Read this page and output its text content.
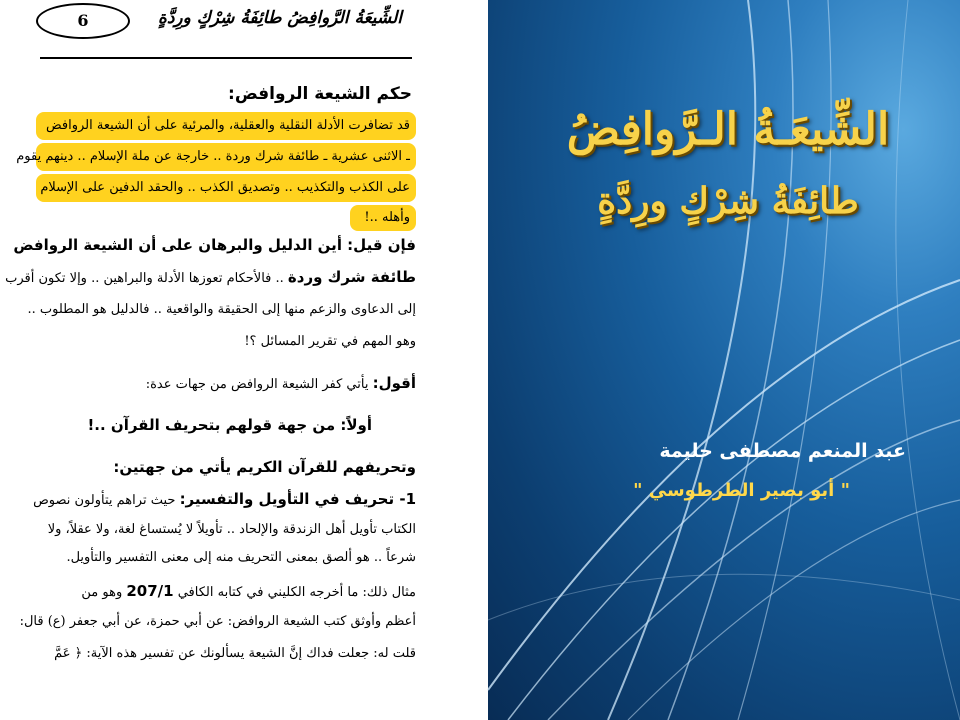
6	الشِّيعَةُ الرَّوافِضُ طائِفَةُ شِرْكٍ ورِدَّةٍ
حكم الشيعة الروافض:
قد تضافرت الأدلة النقلية والعقلية، والمرئية على أن الشيعة الروافض
ـ الاثنى عشرية ـ طائفة شرك وردة .. خارجة عن ملة الإسلام .. دينهم يقوم
على الكذب والتكذيب .. وتصديق الكذب .. والحقد الدفين على الإسلام
وأهله ..!
فإن قيل: أين الدليل والبرهان على أن الشيعة الروافض
طائفة شرك وردة .. فالأحكام تعوزها الأدلة والبراهين .. وإلا تكون أقرب
إلى الدعاوى والزعم منها إلى الحقيقة والواقعية .. فالدليل هو المطلوب ..
وهو المهم في تقرير المسائل ؟!
أقول: يأتي كفر الشيعة الروافض من جهات عدة:
أولاً: من جهة قولهم بتحريف القرآن ..!
وتحريفهم للقرآن الكريم يأتي من جهتين:
1- تحريف في التأويل والتفسير: حيث تراهم يتأولون نصوص
الكتاب تأويل أهل الزندقة والإلحاد .. تأويلاً لا يُستساغ لغة، ولا عقلاً، ولا
شرعاً .. هو ألصق بمعنى التحريف منه إلى معنى التفسير والتأويل.
مثال ذلك: ما أخرجه الكليني في كتابه الكافي 207/1 وهو من
أعظم وأوثق كتب الشيعة الروافض: عن أبي حمزة، عن أبي جعفر (ع) قال:
قلت له: جعلت فداك إنَّ الشيعة يسألونك عن تفسير هذه الآية: ﴿ عَمَّ
الشِّيعَـةُ الـرَّوافِضُ
طائِفَةُ شِرْكٍ ورِدَّةٍ
عبد المنعم مصطفى حليمة
" أبو بصير الطرطوسي "
